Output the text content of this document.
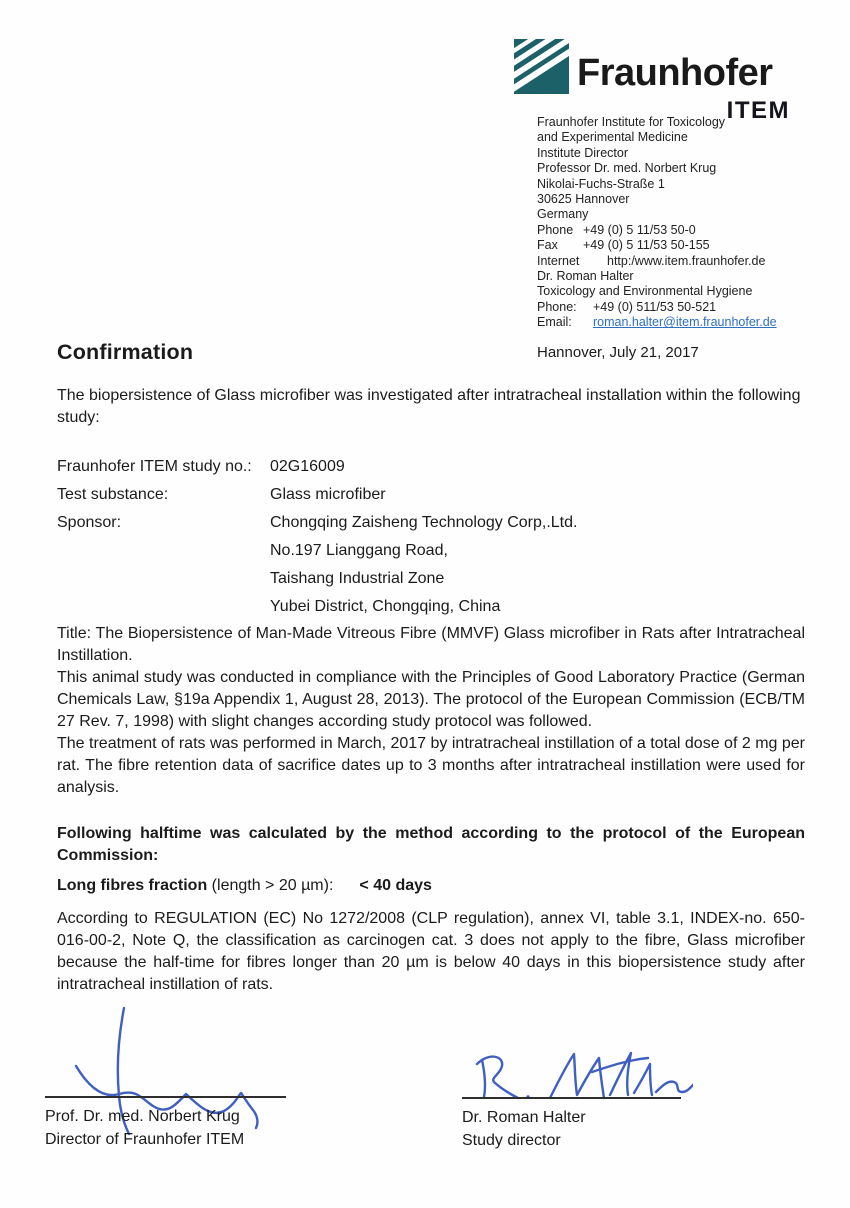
Fraunhofer
ITEM
Fraunhofer Institute for Toxicology
and Experimental Medicine
Institute Director
Professor Dr. med. Norbert Krug
Nikolai-Fuchs-Straße 1
30625 Hannover
Germany
Phone +49 (0) 5 11/53 50-0
Fax +49 (0) 5 11/53 50-155
Internet http:/www.item.fraunhofer.de
Dr. Roman Halter
Toxicology and Environmental Hygiene
Phone: +49 (0) 511/53 50-521
Email: roman.halter@item.fraunhofer.de
Hannover, July 21, 2017
Confirmation

The biopersistence of Glass microfiber was investigated after intratracheal installation within the following study:

Fraunhofer ITEM study no.:	02G16009
Test substance:	Glass microfiber
Sponsor:	Chongqing Zaisheng Technology Corp,.Ltd.
No.197 Lianggang Road,
Taishang Industrial Zone
Yubei District, Chongqing, China

Title: The Biopersistence of Man-Made Vitreous Fibre (MMVF) Glass microfiber in Rats after Intratracheal Instillation.

This animal study was conducted in compliance with the Principles of Good Laboratory Practice (German Chemicals Law, §19a Appendix 1, August 28, 2013). The protocol of the European Commission (ECB/TM 27 Rev. 7, 1998) with slight changes according study protocol was followed.

The treatment of rats was performed in March, 2017 by intratracheal instillation of a total dose of 2 mg per rat. The fibre retention data of sacrifice dates up to 3 months after intratracheal instillation were used for analysis.

Following halftime was calculated by the method according to the protocol of the European Commission:

Long fibres fraction (length > 20 µm): < 40 days

According to REGULATION (EC) No 1272/2008 (CLP regulation), annex VI, table 3.1, INDEX-no. 650-016-00-2, Note Q, the classification as carcinogen cat. 3 does not apply to the fibre, Glass microfiber because the half-time for fibres longer than 20 µm is below 40 days in this biopersistence study after intratracheal instillation of rats.

Prof. Dr. med. Norbert Krug
Director of Fraunhofer ITEM
Dr. Roman Halter
Study director
